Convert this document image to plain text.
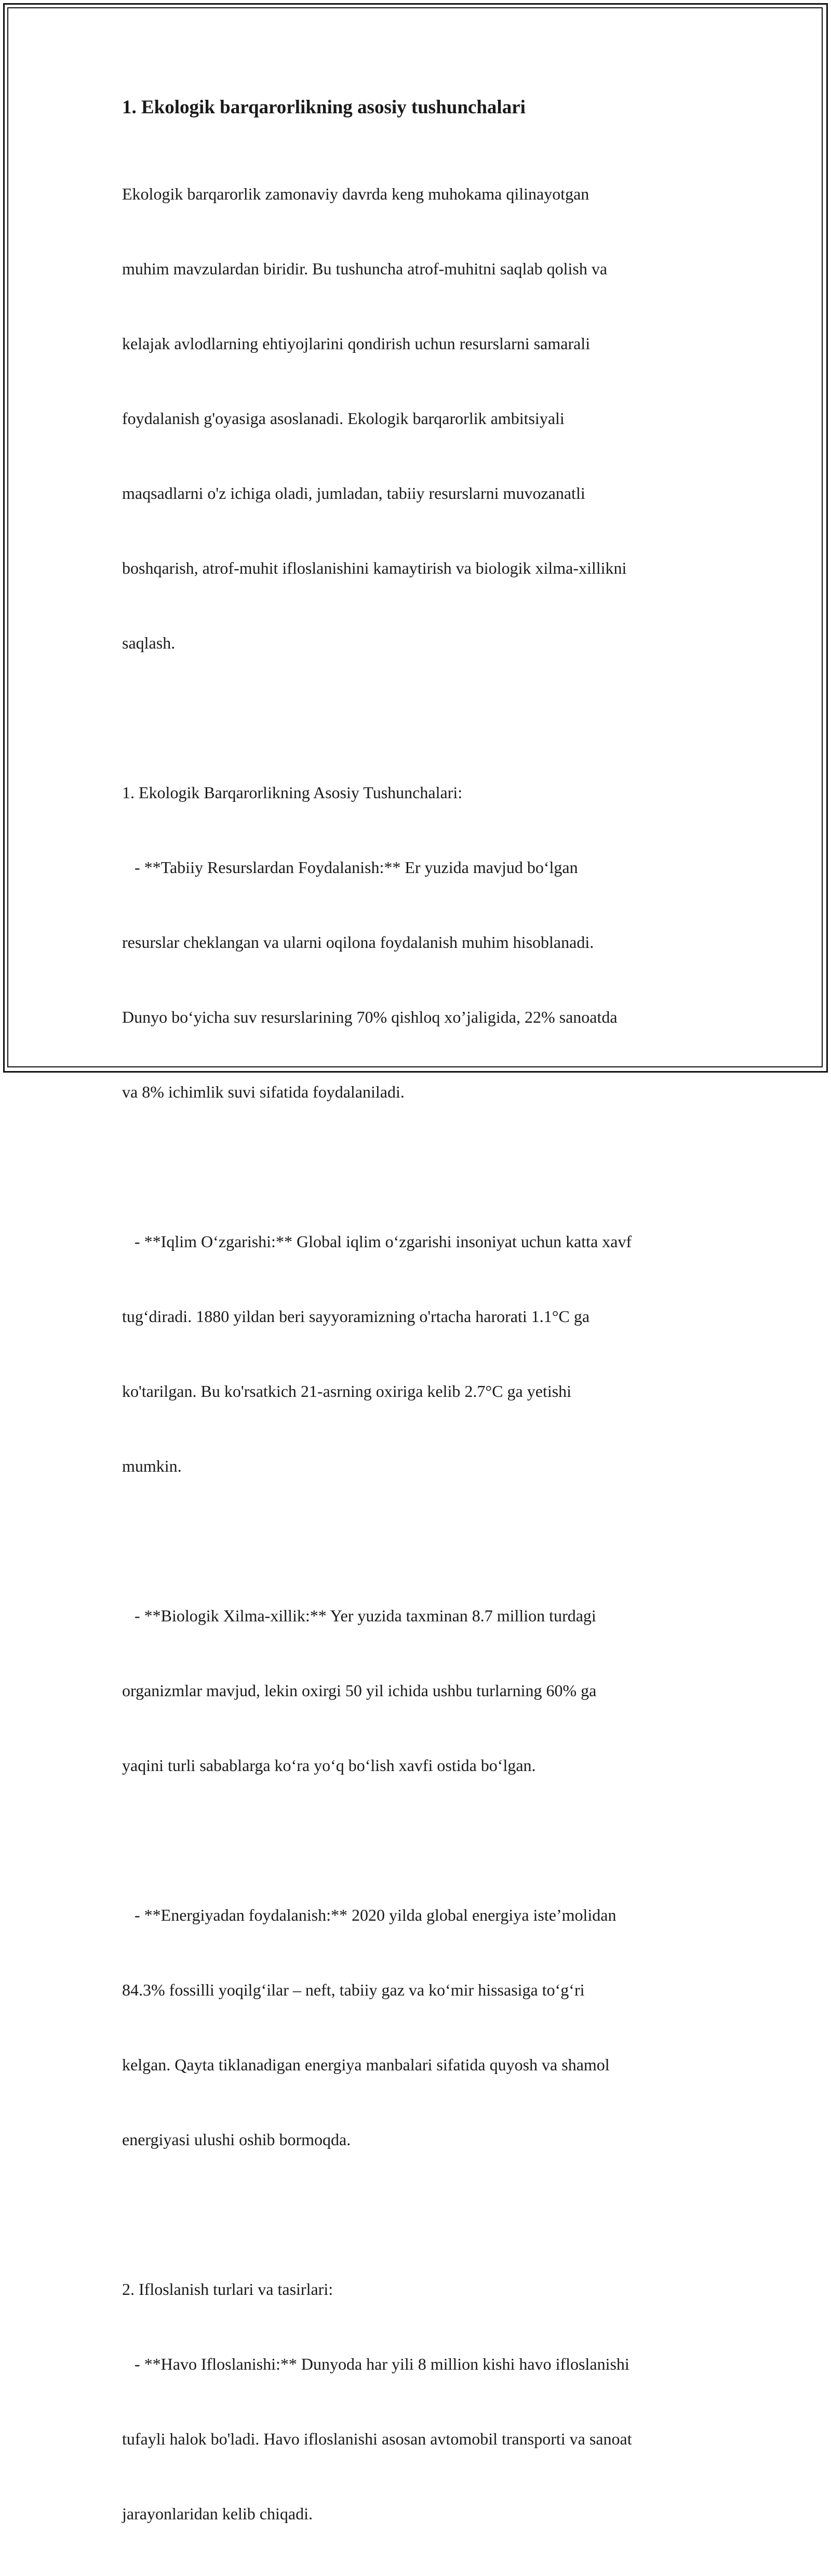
1. Ekologik barqarorlikning asosiy tushunchalari

Ekologik barqarorlik zamonaviy davrda keng muhokama qilinayotgan

muhim mavzulardan biridir. Bu tushuncha atrof-muhitni saqlab qolish va

kelajak avlodlarning ehtiyojlarini qondirish uchun resurslarni samarali

foydalanish g'oyasiga asoslanadi. Ekologik barqarorlik ambitsiyali

maqsadlarni o'z ichiga oladi, jumladan, tabiiy resurslarni muvozanatli

boshqarish, atrof-muhit ifloslanishini kamaytirish va biologik xilma-xillikni

saqlash.

1. Ekologik Barqarorlikning Asosiy Tushunchalari:

- **Tabiiy Resurslardan Foydalanish:** Er yuzida mavjud bo‘lgan

resurslar cheklangan va ularni oqilona foydalanish muhim hisoblanadi.

Dunyo bo‘yicha suv resurslarining 70% qishloq xo’jaligida, 22% sanoatda

va 8% ichimlik suvi sifatida foydalaniladi.

- **Iqlim O‘zgarishi:** Global iqlim o‘zgarishi insoniyat uchun katta xavf

tug‘diradi. 1880 yildan beri sayyoramizning o'rtacha harorati 1.1°C ga

ko'tarilgan. Bu ko'rsatkich 21-asrning oxiriga kelib 2.7°C ga yetishi

mumkin.

- **Biologik Xilma-xillik:** Yer yuzida taxminan 8.7 million turdagi

organizmlar mavjud, lekin oxirgi 50 yil ichida ushbu turlarning 60% ga

yaqini turli sabablarga ko‘ra yo‘q bo‘lish xavfi ostida bo‘lgan.

- **Energiyadan foydalanish:** 2020 yilda global energiya iste’molidan

84.3% fossilli yoqilg‘ilar – neft, tabiiy gaz va ko‘mir hissasiga to‘g‘ri

kelgan. Qayta tiklanadigan energiya manbalari sifatida quyosh va shamol

energiyasi ulushi oshib bormoqda.

2. Ifloslanish turlari va tasirlari:

- **Havo Ifloslanishi:** Dunyoda har yili 8 million kishi havo ifloslanishi

tufayli halok bo'ladi. Havo ifloslanishi asosan avtomobil transporti va sanoat

jarayonlaridan kelib chiqadi.
